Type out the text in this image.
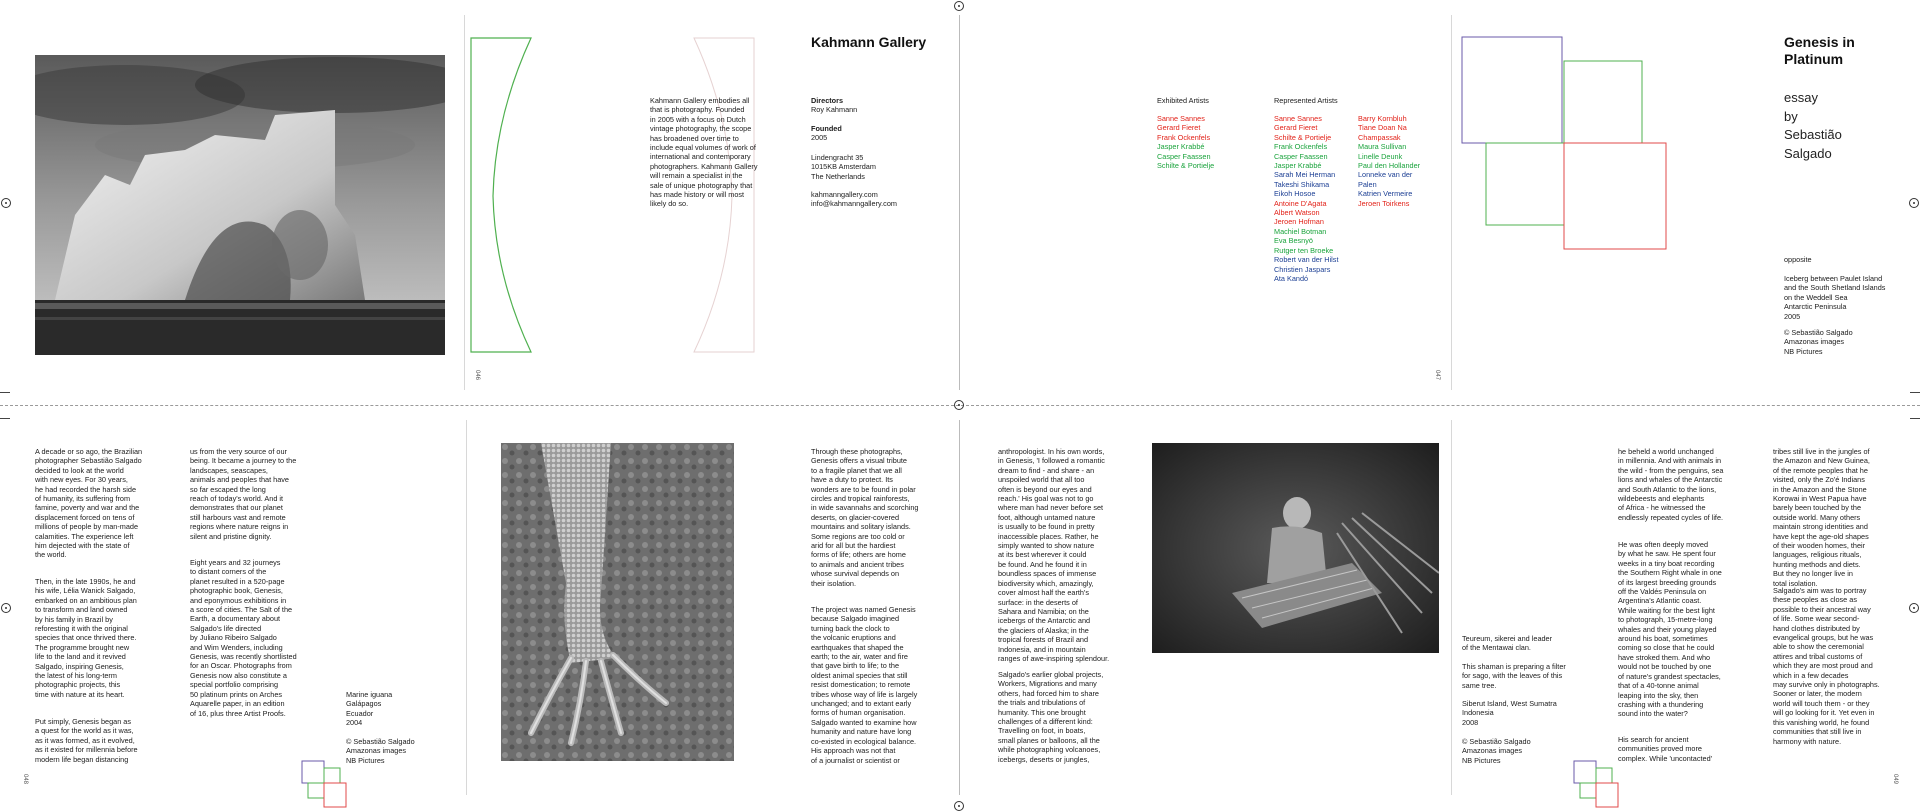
046
Kahmann Gallery
Kahmann Gallery embodies all
that is photography. Founded
in 2005 with a focus on Dutch
vintage photography, the scope
has broadened over time to
include equal volumes of work of
international and contemporary
photographers. Kahmann Gallery
will remain a specialist in the
sale of unique photography that
has made history or will most
likely do so.
Directors
Roy Kahmann
Founded
2005
Lindengracht 35
1015KB Amsterdam
The Netherlands
kahmanngallery.com
info@kahmanngallery.com
Exhibited Artists	Represented Artists
Sanne Sannes
Gerard Fieret
Frank Ockenfels
Jasper Krabbé
Casper Faassen
Schilte & Portielje
Sanne Sannes
Gerard Fieret
Schilte & Portielje
Frank Ockenfels
Casper Faassen
Jasper Krabbé
Sarah Mei Herman
Takeshi Shikama
Eikoh Hosoe
Antoine D'Agata
Albert Watson
Jeroen Hofman
Machiel Botman
Eva Besnyö
Rutger ten Broeke
Robert van der Hilst
Christien Jaspars
Ata Kandó
Barry Kornbluh
Tiane Doan Na
Champassak
Maura Sullivan
Linelle Deunk
Paul den Hollander
Lonneke van der
Palen
Katrien Vermeire
Jeroen Toirkens
047
Genesis in
Platinum
essay
by
Sebastião
Salgado
opposite
Iceberg between Paulet Island
and the South Shetland Islands
on the Weddell Sea
Antarctic Peninsula
2005
© Sebastião Salgado
Amazonas images
NB Pictures
A decade or so ago, the Brazilian
photographer Sebastião Salgado
decided to look at the world
with new eyes. For 30 years,
he had recorded the harsh side
of humanity, its suffering from
famine, poverty and war and the
displacement forced on tens of
millions of people by man-made
calamities. The experience left
him dejected with the state of
the world.
Then, in the late 1990s, he and
his wife, Lélia Wanick Salgado,
embarked on an ambitious plan
to transform and land owned
by his family in Brazil by
reforesting it with the original
species that once thrived there.
The programme brought new
life to the land and it revived
Salgado, inspiring Genesis,
the latest of his long-term
photographic projects, this
time with nature at its heart.
Put simply, Genesis began as
a quest for the world as it was,
as it was formed, as it evolved,
as it existed for millennia before
modern life began distancing
us from the very source of our
being. It became a journey to the
landscapes, seascapes,
animals and peoples that have
so far escaped the long
reach of today's world. And it
demonstrates that our planet
still harbours vast and remote
regions where nature reigns in
silent and pristine dignity.
Eight years and 32 journeys
to distant corners of the
planet resulted in a 520-page
photographic book, Genesis,
and eponymous exhibitions in
a score of cities. The Salt of the
Earth, a documentary about
Salgado's life directed
by Juliano Ribeiro Salgado
and Wim Wenders, including
Genesis, was recently shortlisted
for an Oscar. Photographs from
Genesis now also constitute a
special portfolio comprising
50 platinum prints on Arches
Aquarelle paper, in an edition
of 16, plus three Artist Proofs.
Marine iguana
Galápagos
Ecuador
2004
© Sebastião Salgado
Amazonas images
NB Pictures
048
Through these photographs,
Genesis offers a visual tribute
to a fragile planet that we all
have a duty to protect. Its
wonders are to be found in polar
circles and tropical rainforests,
in wide savannahs and scorching
deserts, on glacier-covered
mountains and solitary islands.
Some regions are too cold or
arid for all but the hardiest
forms of life; others are home
to animals and ancient tribes
whose survival depends on
their isolation.
The project was named Genesis
because Salgado imagined
turning back the clock to
the volcanic eruptions and
earthquakes that shaped the
earth; to the air, water and fire
that gave birth to life; to the
oldest animal species that still
resist domestication; to remote
tribes whose way of life is largely
unchanged; and to extant early
forms of human organisation.
Salgado wanted to examine how
humanity and nature have long
co-existed in ecological balance.
His approach was not that
of a journalist or scientist or
anthropologist. In his own words,
in Genesis, 'I followed a romantic
dream to find - and share - an
unspoiled world that all too
often is beyond our eyes and
reach.' His goal was not to go
where man had never before set
foot, although untamed nature
is usually to be found in pretty
inaccessible places. Rather, he
simply wanted to show nature
at its best wherever it could
be found. And he found it in
boundless spaces of immense
biodiversity which, amazingly,
cover almost half the earth's
surface: in the deserts of
Sahara and Namibia; on the
icebergs of the Antarctic and
the glaciers of Alaska; in the
tropical forests of Brazil and
Indonesia, and in mountain
ranges of awe-inspiring splendour.
Salgado's earlier global projects,
Workers, Migrations and many
others, had forced him to share
the trials and tribulations of
humanity. This one brought
challenges of a different kind:
Travelling on foot, in boats,
small planes or balloons, all the
while photographing volcanoes,
icebergs, deserts or jungles,
Teureum, sikerei and leader
of the Mentawai clan.
This shaman is preparing a filter
for sago, with the leaves of this
same tree.
Siberut Island, West Sumatra
Indonesia
2008
© Sebastião Salgado
Amazonas images
NB Pictures
he beheld a world unchanged
in millennia. And with animals in
the wild - from the penguins, sea
lions and whales of the Antarctic
and South Atlantic to the lions,
wildebeests and elephants
of Africa - he witnessed the
endlessly repeated cycles of life.
He was often deeply moved
by what he saw. He spent four
weeks in a tiny boat recording
the Southern Right whale in one
of its largest breeding grounds
off the Valdés Peninsula on
Argentina's Atlantic coast.
While waiting for the best light
to photograph, 15-metre-long
whales and their young played
around his boat, sometimes
coming so close that he could
have stroked them. And who
would not be touched by one
of nature's grandest spectacles,
that of a 40-tonne animal
leaping into the sky, then
crashing with a thundering
sound into the water?
His search for ancient
communities proved more
complex. While 'uncontacted'
tribes still live in the jungles of
the Amazon and New Guinea,
of the remote peoples that he
visited, only the Zo'é Indians
in the Amazon and the Stone
Korowai in West Papua have
barely been touched by the
outside world. Many others
maintain strong identities and
have kept the age-old shapes
of their wooden homes, their
languages, religious rituals,
hunting methods and diets.
But they no longer live in
total isolation.
Salgado's aim was to portray
these peoples as close as
possible to their ancestral way
of life. Some wear second-
hand clothes distributed by
evangelical groups, but he was
able to show the ceremonial
attires and tribal customs of
which they are most proud and
which in a few decades
may survive only in photographs.
Sooner or later, the modern
world will touch them - or they
will go looking for it. Yet even in
this vanishing world, he found
communities that still live in
harmony with nature.
049
